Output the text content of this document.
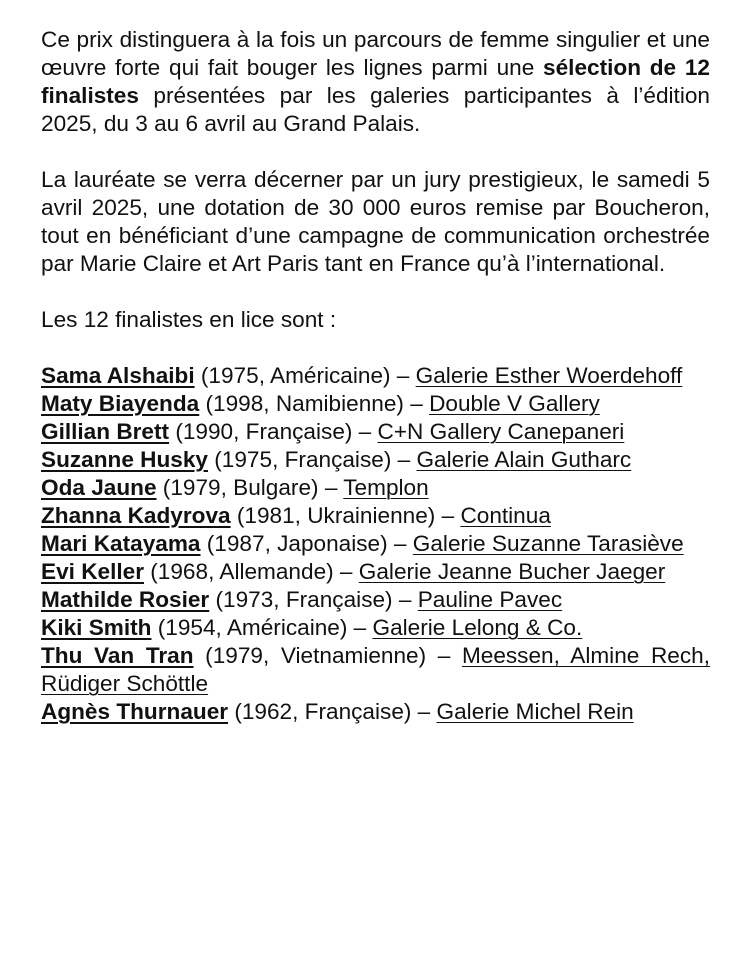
Ce prix distinguera à la fois un parcours de femme singulier et une œuvre forte qui fait bouger les lignes parmi une sélection de 12 finalistes présentées par les galeries participantes à l’édition 2025, du 3 au 6 avril au Grand Palais.

La lauréate se verra décerner par un jury prestigieux, le samedi 5 avril 2025, une dotation de 30 000 euros remise par Boucheron, tout en bénéficiant d’une campagne de communication orchestrée par Marie Claire et Art Paris tant en France qu’à l’international.

Les 12 finalistes en lice sont :

Sama Alshaibi (1975, Américaine) – Galerie Esther Woerdehoff

Maty Biayenda (1998, Namibienne) – Double V Gallery

Gillian Brett (1990, Française) – C+N Gallery Canepaneri

Suzanne Husky (1975, Française) – Galerie Alain Gutharc

Oda Jaune (1979, Bulgare) – Templon

Zhanna Kadyrova (1981, Ukrainienne) – Continua

Mari Katayama (1987, Japonaise) – Galerie Suzanne Tarasiève

Evi Keller (1968, Allemande) – Galerie Jeanne Bucher Jaeger

Mathilde Rosier (1973, Française) – Pauline Pavec

Kiki Smith (1954, Américaine) – Galerie Lelong & Co.

Thu Van Tran (1979, Vietnamienne) – Meessen, Almine Rech, Rüdiger Schöttle

Agnès Thurnauer (1962, Française) – Galerie Michel Rein
